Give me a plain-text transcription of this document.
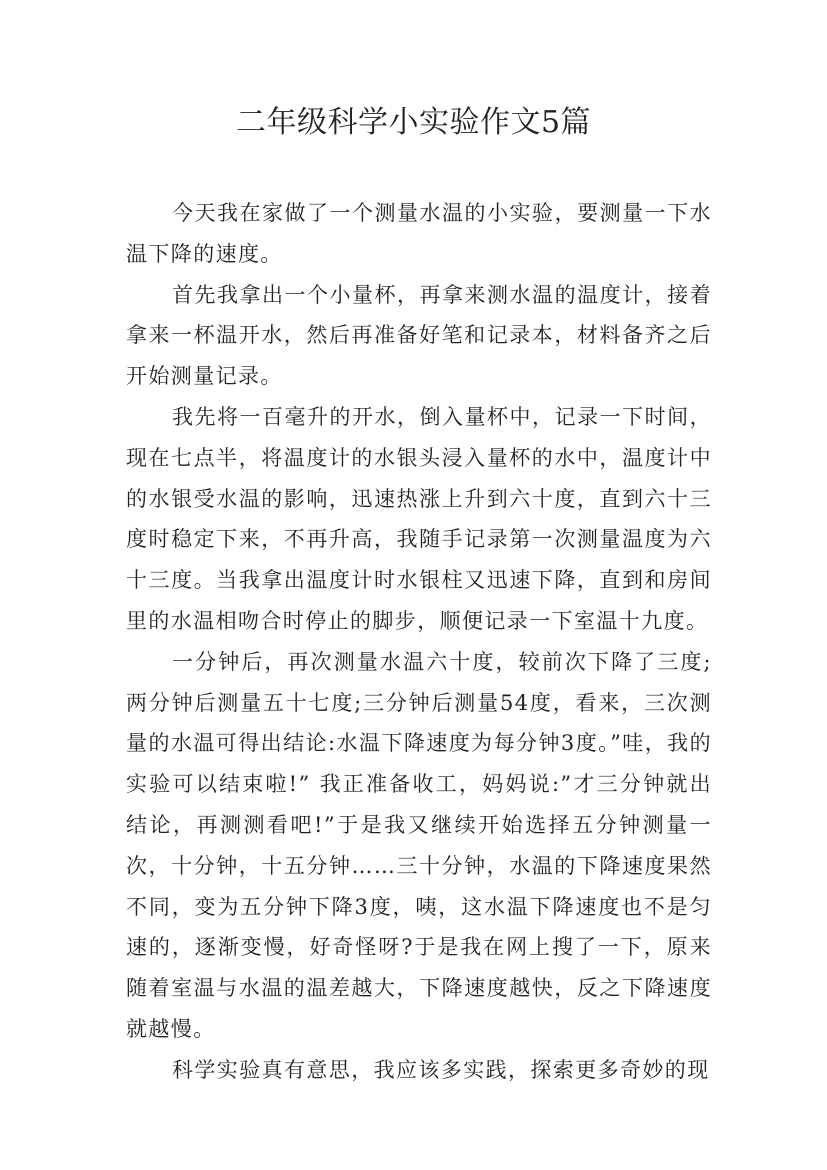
二年级科学小实验作文5篇

今天我在家做了一个测量水温的小实验，要测量一下水温下降的速度。

首先我拿出一个小量杯，再拿来测水温的温度计，接着拿来一杯温开水，然后再准备好笔和记录本，材料备齐之后开始测量记录。

我先将一百毫升的开水，倒入量杯中，记录一下时间，现在七点半，将温度计的水银头浸入量杯的水中，温度计中的水银受水温的影响，迅速热涨上升到六十度，直到六十三度时稳定下来，不再升高，我随手记录第一次测量温度为六十三度。当我拿出温度计时水银柱又迅速下降，直到和房间里的水温相吻合时停止的脚步，顺便记录一下室温十九度。

一分钟后，再次测量水温六十度，较前次下降了三度;两分钟后测量五十七度;三分钟后测量54度，看来，三次测量的水温可得出结论:水温下降速度为每分钟3度。”哇，我的实验可以结束啦!” 我正准备收工，妈妈说:”才三分钟就出结论，再测测看吧!”于是我又继续开始选择五分钟测量一次，十分钟，十五分钟……三十分钟，水温的下降速度果然不同，变为五分钟下降3度，咦，这水温下降速度也不是匀速的，逐渐变慢，好奇怪呀?于是我在网上搜了一下，原来随着室温与水温的温差越大，下降速度越快，反之下降速度就越慢。

科学实验真有意思，我应该多实践，探索更多奇妙的现
